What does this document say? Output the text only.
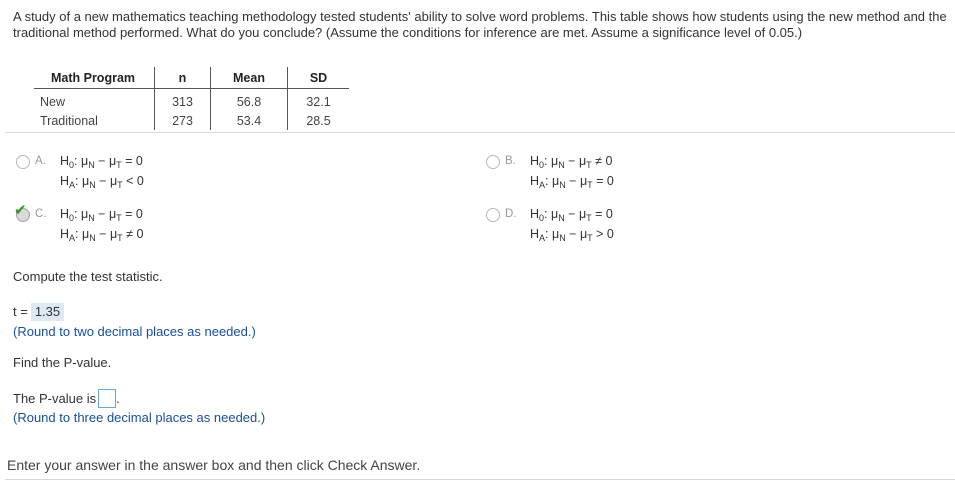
A study of a new mathematics teaching methodology tested students' ability to solve word problems. This table shows how students using the new method and the traditional method performed. What do you conclude? (Assume the conditions for inference are met. Assume a significance level of 0.05.)
Math Program	n	Mean	SD
New	313	56.8	32.1
Traditional	273	53.4	28.5
A. $H_0$: $\mu_N - \mu_T = 0$
$H_A$: $\mu_N - \mu_T < 0$
B. $H_0$: $\mu_N - \mu_T \ne 0$
$H_A$: $\mu_N - \mu_T = 0$
✔ C. $H_0$: $\mu_N - \mu_T = 0$
$H_A$: $\mu_N - \mu_T \ne 0$
D. $H_0$: $\mu_N - \mu_T = 0$
$H_A$: $\mu_N - \mu_T > 0$
Compute the test statistic.
t = 1.35
(Round to two decimal places as needed.)
Find the P-value.
The P-value is .
(Round to three decimal places as needed.)
Enter your answer in the answer box and then click Check Answer.
